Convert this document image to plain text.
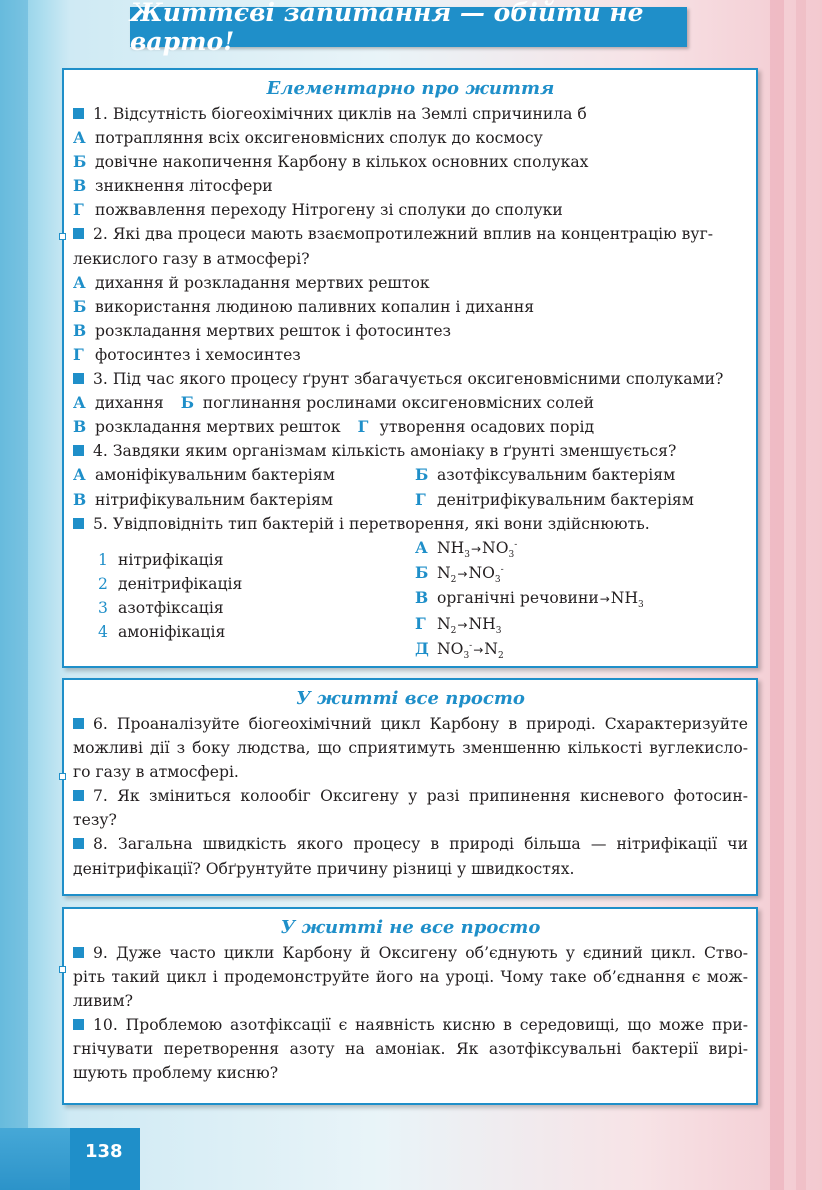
Життєві запитання — обійти не варто!
Елементарно про життя
1. Відсутність біогеохімічних циклів на Землі спричинила б
А потрапляння всіх оксигеновмісних сполук до космосу
Б довічне накопичення Карбону в кількох основних сполуках
В зникнення літосфери
Г пожвавлення переходу Нітрогену зі сполуки до сполуки
2. Які два процеси мають взаємопротилежний вплив на концентрацію вуг-
лекислого газу в атмосфері?
А дихання й розкладання мертвих решток
Б використання людиною паливних копалин і дихання
В розкладання мертвих решток і фотосинтез
Г фотосинтез і хемосинтез
3. Під час якого процесу ґрунт збагачується оксигеновмісними сполуками?
А дихання Б поглинання рослинами оксигеновмісних солей
В розкладання мертвих решток Г утворення осадових порід
4. Завдяки яким організмам кількість амоніаку в ґрунті зменшується?
А амоніфікувальним бактеріям	Б азотфіксувальним бактеріям
В нітрифікувальним бактеріям	Г денітрифікувальним бактеріям
5. Увідповідніть тип бактерій і перетворення, які вони здійснюють.
1 нітрифікація
2 денітрифікація
3 азотфіксація
4 амоніфікація
А $NH_3\to NO_3^-$
Б $N_2\to NO_3^-$
В органічні $речовини\to NH_3$
Г $N_2\to NH_3$
Д $NO_3^-\to N_2$
У житті все просто
6. Проаналізуйте біогеохімічний цикл Карбону в природі. Схарактеризуйте
можливі дії з боку людства, що сприятимуть зменшенню кількості вуглекисло-
го газу в атмосфері.
7. Як зміниться колообіг Оксигену у разі припинення кисневого фотосин-
тезу?
8. Загальна швидкість якого процесу в природі більша — нітрифікації чи
денітрифікації? Обґрунтуйте причину різниці у швидкостях.
У житті не все просто
9. Дуже часто цикли Карбону й Оксигену об’єднують у єдиний цикл. Ство-
ріть такий цикл і продемонструйте його на уроці. Чому таке об’єднання є мож-
ливим?
10. Проблемою азотфіксації є наявність кисню в середовищі, що може при-
гнічувати перетворення азоту на амоніак. Як азотфіксувальні бактерії вирі-
шують проблему кисню?
138
